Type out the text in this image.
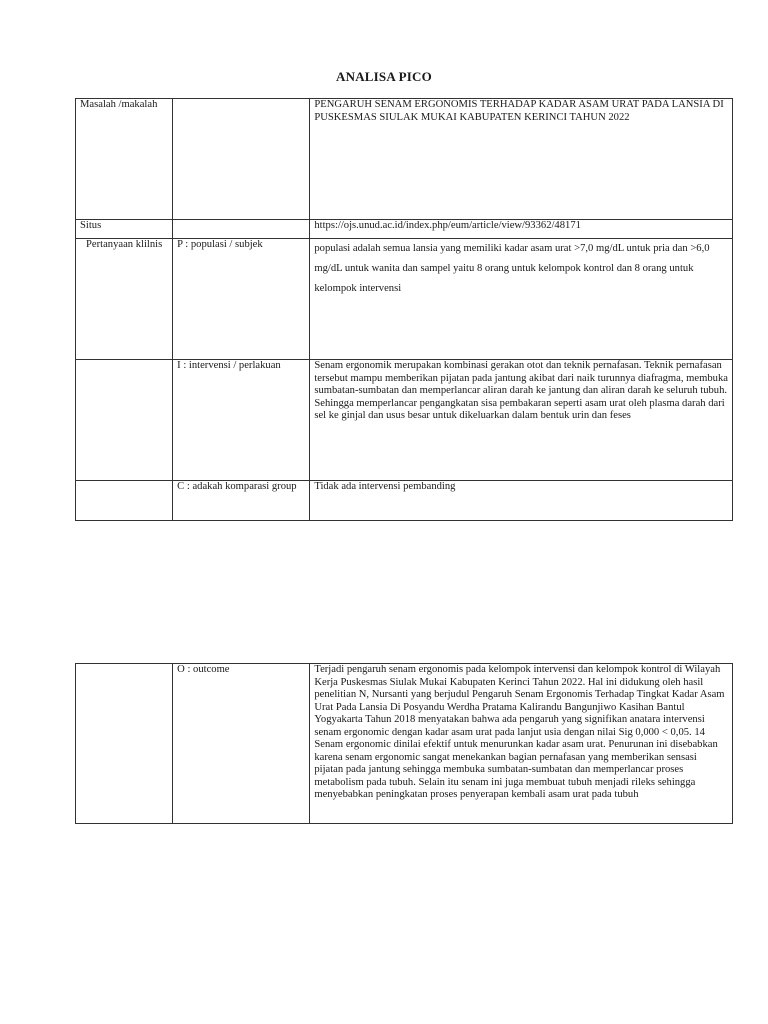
ANALISA PICO
Masalah /makalah		PENGARUH SENAM ERGONOMIS TERHADAP KADAR ASAM URAT PADA LANSIA DI PUSKESMAS SIULAK MUKAI KABUPATEN KERINCI TAHUN 2022
Situs		https://ojs.unud.ac.id/index.php/eum/article/view/93362/48171
Pertanyaan klilnis	P : populasi / subjek	populasi adalah semua lansia yang memiliki kadar asam urat >7,0 mg/dL untuk pria dan >6,0 mg/dL untuk wanita dan sampel yaitu 8 orang untuk kelompok kontrol dan 8 orang untuk kelompok intervensi
	I : intervensi / perlakuan	Senam ergonomik merupakan kombinasi gerakan otot dan teknik pernafasan. Teknik pernafasan tersebut mampu memberikan pijatan pada jantung akibat dari naik turunnya diafragma, membuka sumbatan-sumbatan dan memperlancar aliran darah ke jantung dan aliran darah ke seluruh tubuh. Sehingga memperlancar pengangkatan sisa pembakaran seperti asam urat oleh plasma darah dari sel ke ginjal dan usus besar untuk dikeluarkan dalam bentuk urin dan feses
	C : adakah komparasi group	Tidak ada intervensi pembanding
	O : outcome	Terjadi pengaruh senam ergonomis pada kelompok intervensi dan kelompok kontrol di Wilayah Kerja Puskesmas Siulak Mukai Kabupaten Kerinci Tahun 2022. Hal ini didukung oleh hasil penelitian N, Nursanti yang berjudul Pengaruh Senam Ergonomis Terhadap Tingkat Kadar Asam Urat Pada Lansia Di Posyandu Werdha Pratama Kalirandu Bangunjiwo Kasihan Bantul Yogyakarta Tahun 2018 menyatakan bahwa ada pengaruh yang signifikan anatara intervensi senam ergonomic dengan kadar asam urat pada lanjut usia dengan nilai Sig 0,000 < 0,05. 14 Senam ergonomic dinilai efektif untuk menurunkan kadar asam urat. Penurunan ini disebabkan karena senam ergonomic sangat menekankan bagian pernafasan yang memberikan sensasi pijatan pada jantung sehingga membuka sumbatan-sumbatan dan memperlancar proses metabolism pada tubuh. Selain itu senam ini juga membuat tubuh menjadi rileks sehingga menyebabkan peningkatan proses penyerapan kembali asam urat pada tubuh
